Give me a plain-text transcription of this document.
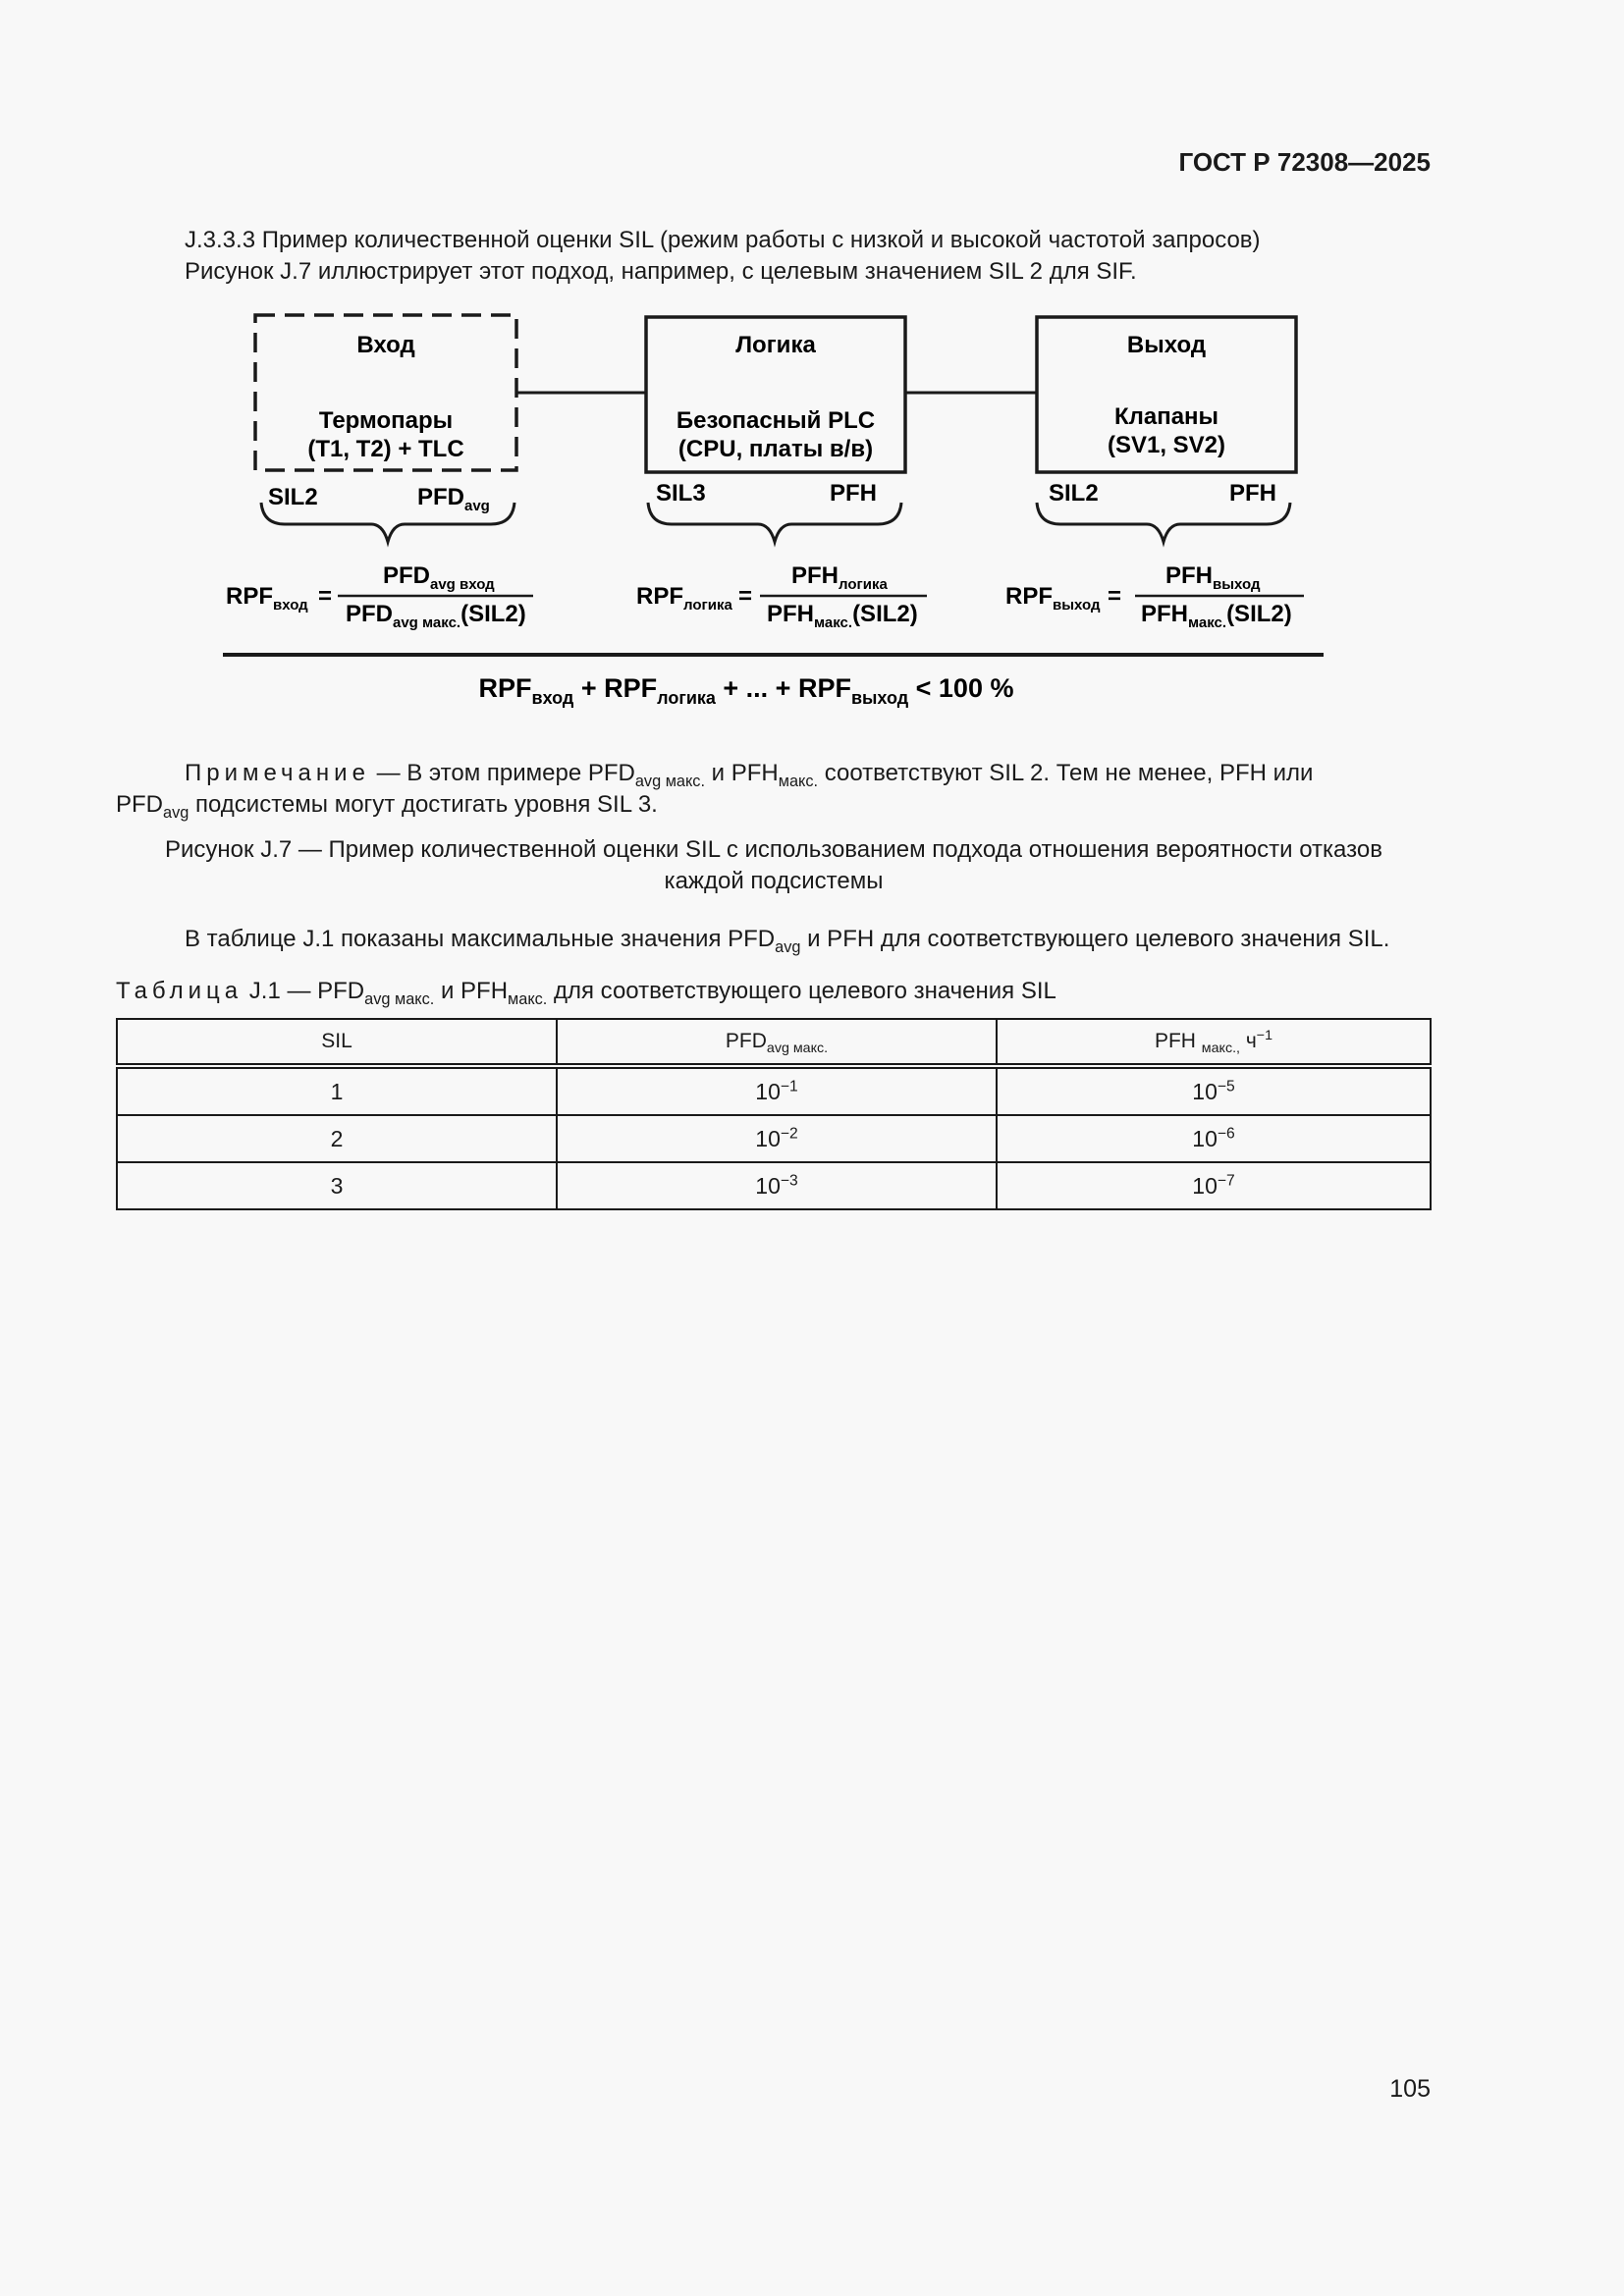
ГОСТ Р 72308—2025
J.3.3.3 Пример количественной оценки SIL (режим работы с низкой и высокой частотой запросов)
Рисунок J.7 иллюстрирует этот подход, например, с целевым значением SIL 2 для SIF.
Вход
Термопары
(T1, T2) + TLC
Логика
Безопасный PLC
(CPU, платы в/в)
Выход
Клапаны
(SV1, SV2)
SIL2	$PFD_{avg}$	SIL3	PFH	SIL2	PFH
$RPF_{вход}$ =
$PFD_{avg вход}$
$PFD_{avg макс.}(SIL2)$
$RPF_{логика}$ =
$PFH_{логика}$
$PFH_{макс.}(SIL2)$
$RPF_{выход}$ =
$PFH_{выход}$
$PFH_{макс.}(SIL2)$
$RPF_{вход} + RPF_{логика}$ + ... + $RPF_{выход} < 100$ %
Примечание — В этом примере $PFD_{avg макс.}$ и $PFH_{макс.}$ соответствуют SIL 2. Тем не менее, PFH или
$PFD_{avg}$ подсистемы могут достигать уровня SIL 3.
Рисунок J.7 — Пример количественной оценки SIL с использованием подхода отношения вероятности отказов
каждой подсистемы
В таблице J.1 показаны максимальные значения $PFD_{avg}$ и PFH для соответствующего целевого значения SIL.
Таблица J.1 — $PFD_{avg макс.}$ и $PFH_{макс.}$ для соответствующего целевого значения SIL
SIL	$PFD_{avg макс.}$	PFH $_{макс.,}$ $ч^{-1}$
1	$10^{-1}$	$10^{-5}$
2	$10^{-2}$	$10^{-6}$
3	$10^{-3}$	$10^{-7}$
105
